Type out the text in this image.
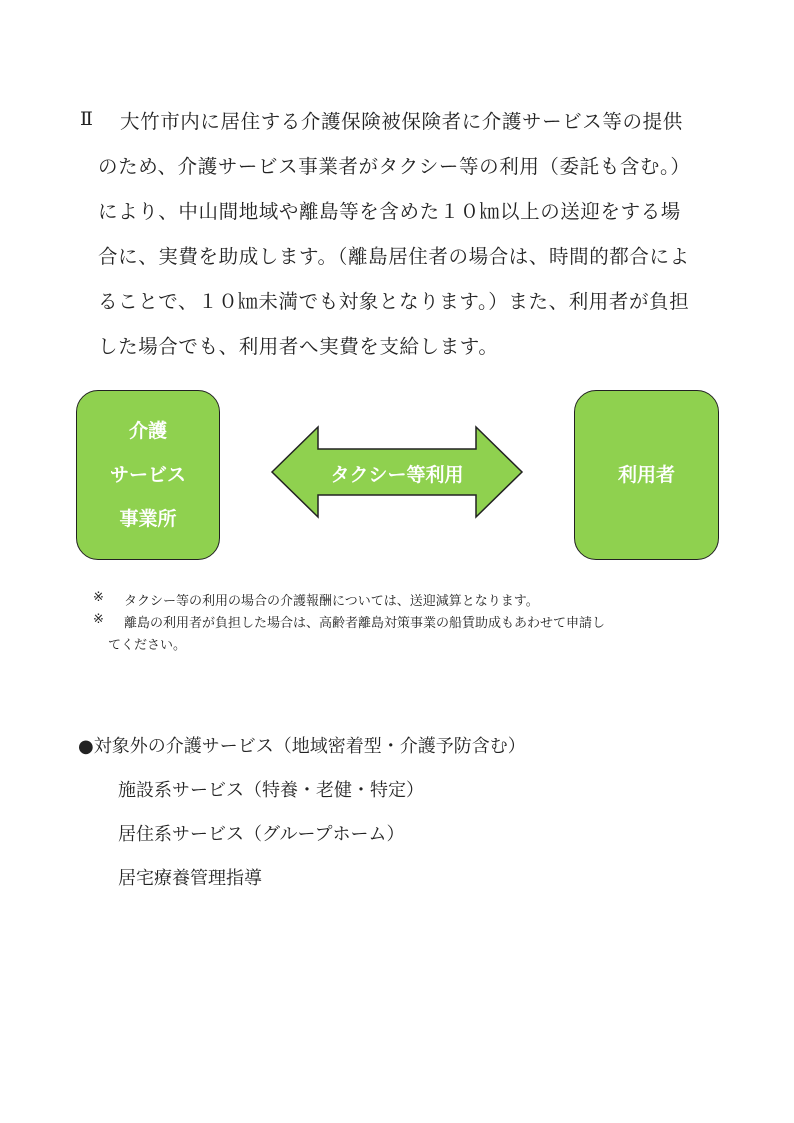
Ⅱ 大竹市内に居住する介護保険被保険者に介護サービス等の提供
のため、介護サービス事業者がタクシー等の利用（委託も含む。）
により、中山間地域や離島等を含めた１０㎞以上の送迎をする場
合に、実費を助成します。（離島居住者の場合は、時間的都合によ
ることで、１０㎞未満でも対象となります。）また、利用者が負担
した場合でも、利用者へ実費を支給します。
介護
サービス
事業所
タクシー等利用	利用者
※ タクシー等の利用の場合の介護報酬については、送迎減算となります。
※ 離島の利用者が負担した場合は、高齢者離島対策事業の船賃助成もあわせて申請し
てください。
●対象外の介護サービス（地域密着型・介護予防含む）
施設系サービス（特養・老健・特定）
居住系サービス（グループホーム）
居宅療養管理指導
